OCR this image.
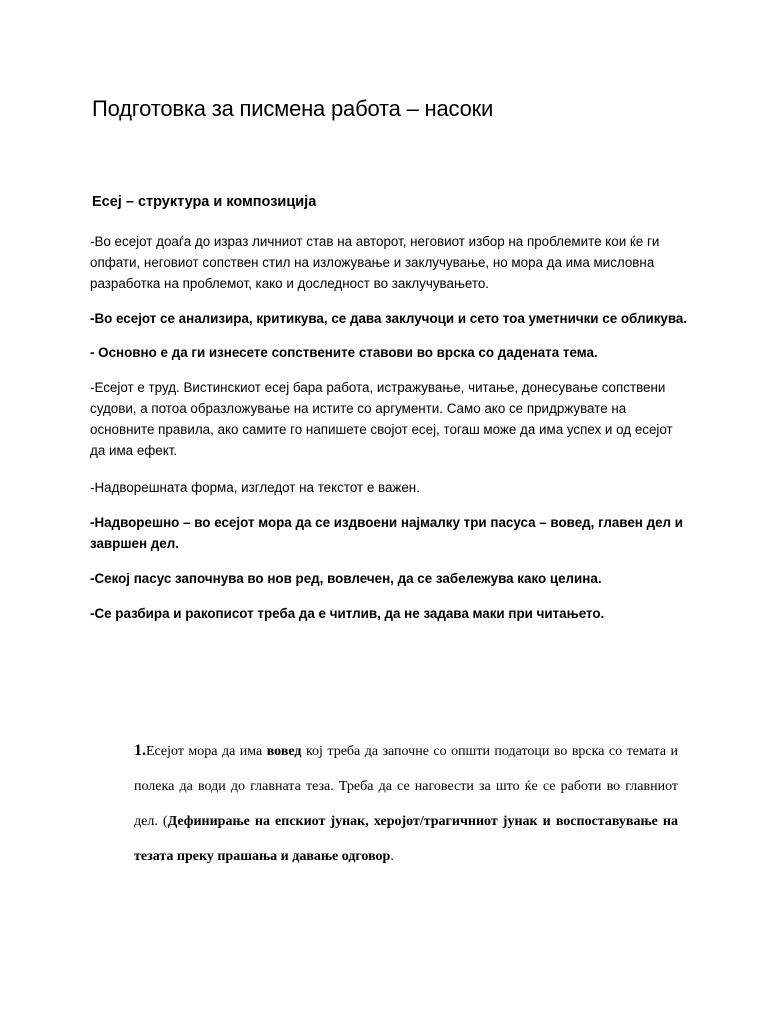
Подготовка за писмена работа – насоки
Есеј – структура и композиција

-Во есејот доаѓа до израз личниот став на авторот, неговиот избор на проблемите кои ќе ги опфати, неговиот сопствен стил на изложување и заклучување, но мора да има мисловна разработка на проблемот, како и доследност во заклучувањето.

-Во есејот се анализира, критикува, се дава заклучоци и сето тоа уметнички се обликува.

- Основно е да ги изнесете сопствените ставови во врска со дадената тема.

-Есејот е труд. Вистинскиот есеј бара работа, истражување, читање, донесување сопствени судови, а потоа образложување на истите со аргументи. Само ако се придржувате на основните правила, ако самите го напишете својот есеј, тогаш може да има успех и од есејот да има ефект.

-Надворешната форма, изгледот на текстот е важен.

-Надворешно – во есејот мора да се издвоени најмалку три пасуса – вовед, главен дел и завршен дел.

-Секој пасус започнува во нов ред, вовлечен, да се забележува како целина.

-Се разбира и ракописот треба да е читлив, да не задава маки при читањето.

1.Есејот мора да има вовед кој треба да започне со општи податоци во врска со темата и полека да води до главната теза. Треба да се наговести за што ќе се работи во главниот дел. (Дефинирање на епскиот јунак, херојот/трагичниот јунак и воспоставување на тезата преку прашања и давање одговор.
